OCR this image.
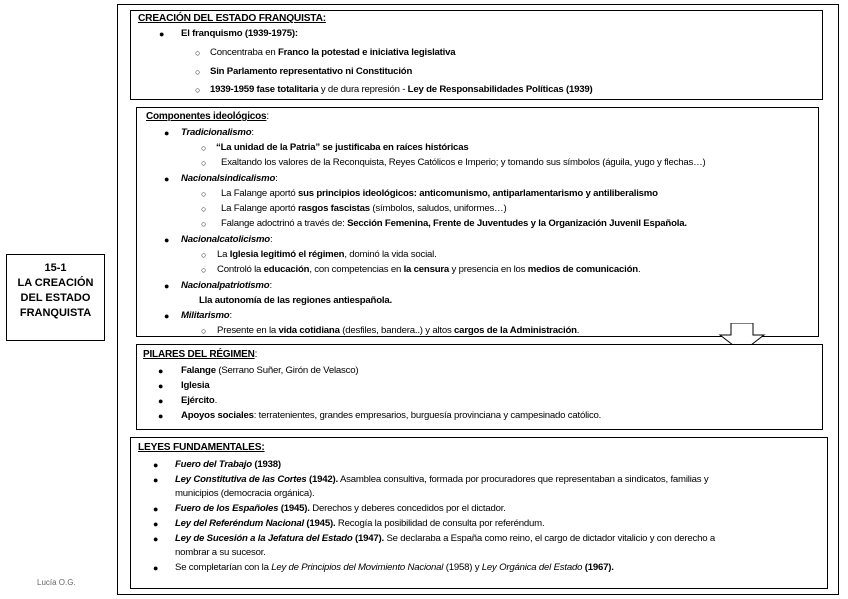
15-1
LA CREACIÓN
DEL ESTADO
FRANQUISTA
Lucía O.G.
CREACIÓN DEL ESTADO FRANQUISTA:
● El franquismo (1939-1975):
○ Concentraba en Franco la potestad e iniciativa legislativa
○ Sin Parlamento representativo ni Constitución
○ 1939-1959 fase totalitaria y de dura represión - Ley de Responsabilidades Políticas (1939)
Componentes ideológicos:
● Tradicionalismo:
○ “La unidad de la Patria” se justificaba en raíces históricas
○ Exaltando los valores de la Reconquista, Reyes Católicos e Imperio; y tomando sus símbolos (águila, yugo y flechas…)
● Nacionalsindicalismo:
○ La Falange aportó sus principios ideológicos: anticomunismo, antiparlamentarismo y antiliberalismo
○ La Falange aportó rasgos fascistas (símbolos, saludos, uniformes…)
○ Falange adoctrinó a través de: Sección Femenina, Frente de Juventudes y la Organización Juvenil Española.
● Nacionalcatolicismo:
○ La Iglesia legitimó el régimen, dominó la vida social.
○ Controló la educación, con competencias en la censura y presencia en los medios de comunicación.
● Nacionalpatriotismo:
Lla autonomía de las regiones antiespañola.
● Militarismo:
○ Presente en la vida cotidiana (desfiles, bandera..) y altos cargos de la Administración.
PILARES DEL RÉGIMEN:
● Falange (Serrano Suñer, Girón de Velasco)
● Iglesia
● Ejército.
● Apoyos sociales: terratenientes, grandes empresarios, burguesía provinciana y campesinado católico.
LEYES FUNDAMENTALES:
● Fuero del Trabajo (1938)
● Ley Constitutiva de las Cortes (1942). Asamblea consultiva, formada por procuradores que representaban a sindicatos, familias y
municipios (democracia orgánica).
● Fuero de los Españoles (1945). Derechos y deberes concedidos por el dictador.
● Ley del Referéndum Nacional (1945). Recogía la posibilidad de consulta por referéndum.
● Ley de Sucesión a la Jefatura del Estado (1947). Se declaraba a España como reino, el cargo de dictador vitalicio y con derecho a
nombrar a su sucesor.
● Se completarían con la Ley de Principios del Movimiento Nacional (1958) y Ley Orgánica del Estado (1967).
